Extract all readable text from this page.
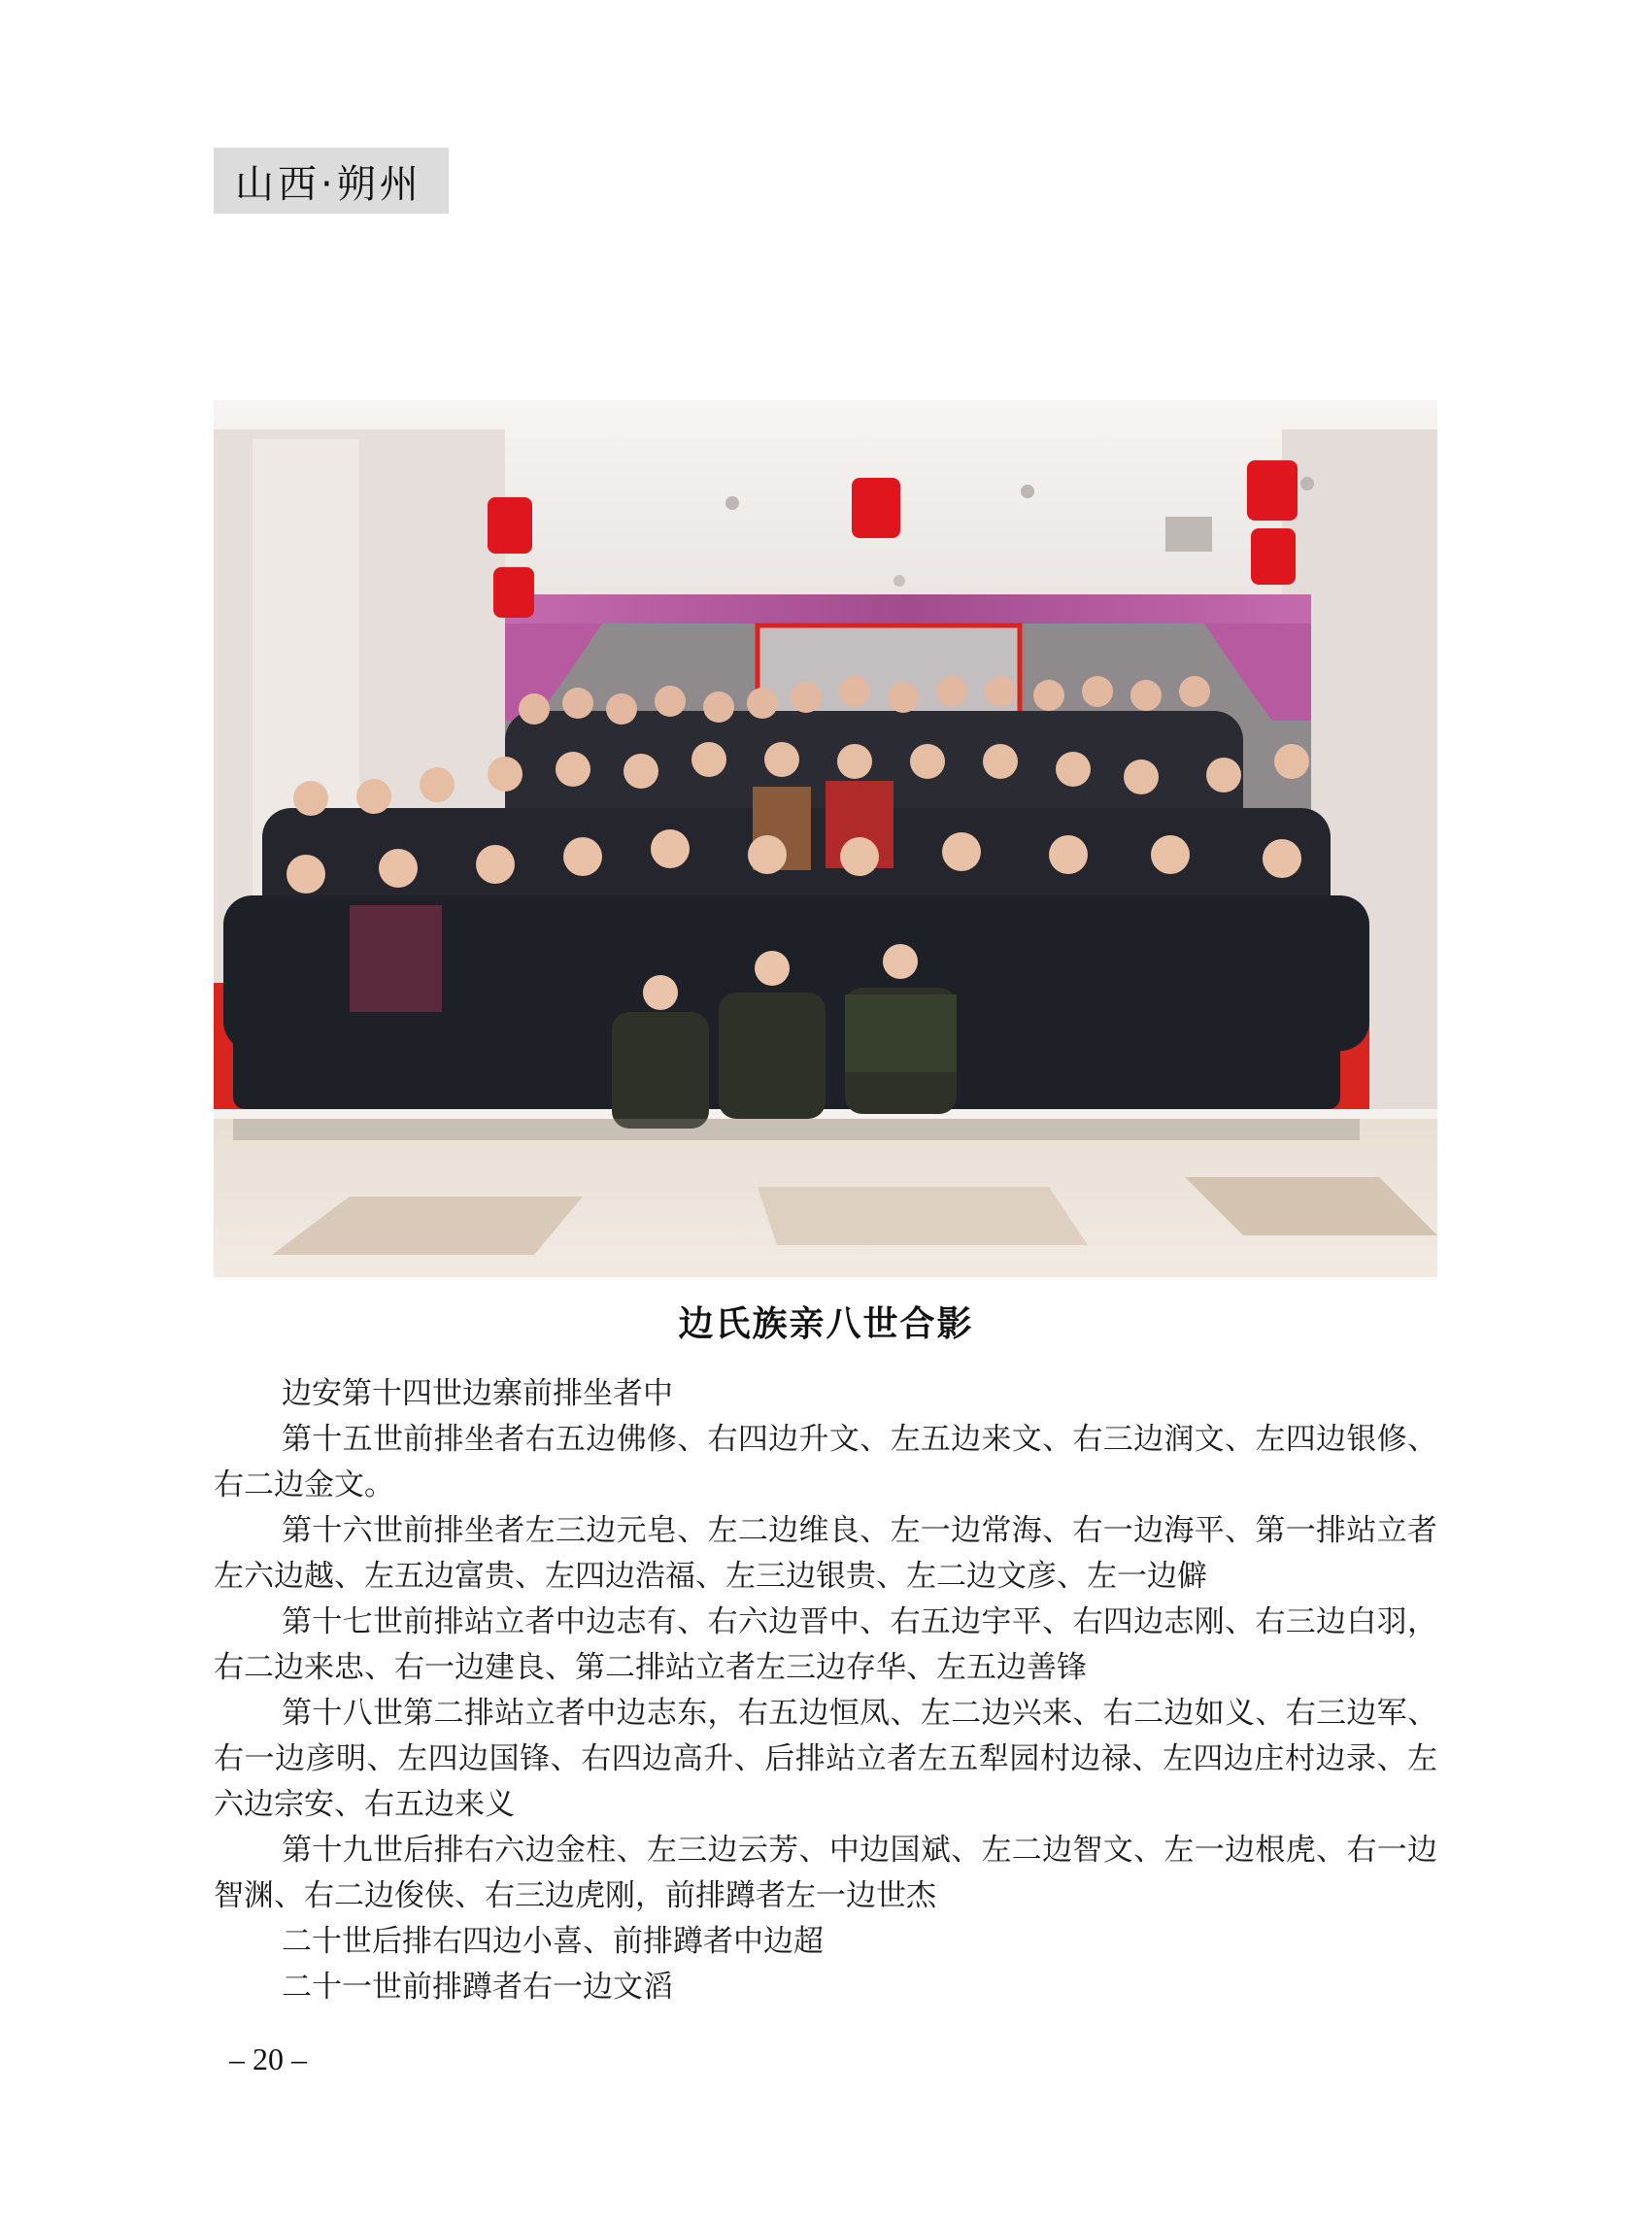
山西·朔州
边氏族亲八世合影

边安第十四世边寨前排坐者中

第十五世前排坐者右五边佛修、右四边升文、左五边来文、右三边润文、左四边银修、右二边金文。

第十六世前排坐者左三边元皂、左二边维良、左一边常海、右一边海平、第一排站立者左六边越、左五边富贵、左四边浩福、左三边银贵、左二边文彦、左一边僻

第十七世前排站立者中边志有、右六边晋中、右五边宇平、右四边志刚、右三边白羽，右二边来忠、右一边建良、第二排站立者左三边存华、左五边善锋

第十八世第二排站立者中边志东，右五边恒凤、左二边兴来、右二边如义、右三边军、右一边彦明、左四边国锋、右四边高升、后排站立者左五犁园村边禄、左四边庄村边录、左六边宗安、右五边来义

第十九世后排右六边金柱、左三边云芳、中边国斌、左二边智文、左一边根虎、右一边智渊、右二边俊侠、右三边虎刚，前排蹲者左一边世杰

二十世后排右四边小喜、前排蹲者中边超

二十一世前排蹲者右一边文滔

– 20 –
